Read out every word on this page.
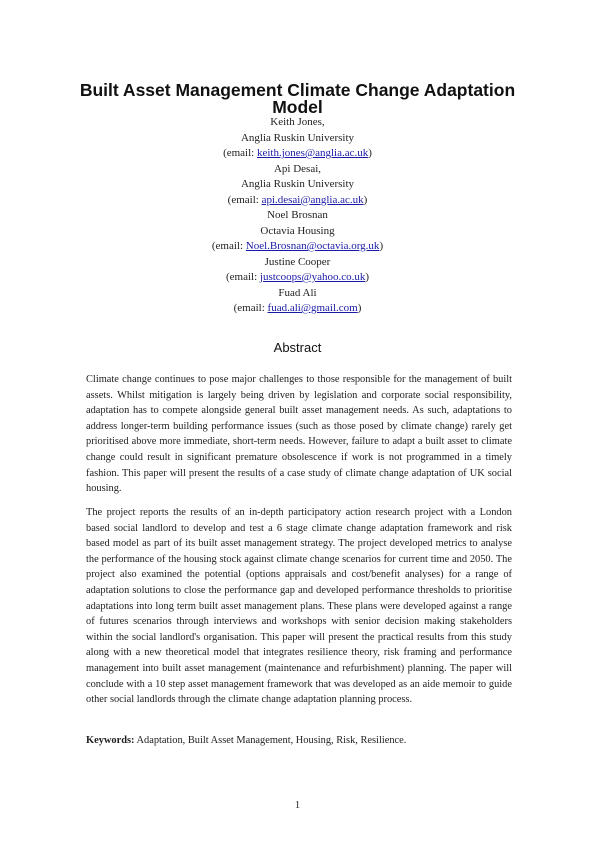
Built Asset Management Climate Change Adaptation Model
Keith Jones,
Anglia Ruskin University
(email: keith.jones@anglia.ac.uk)
Api Desai,
Anglia Ruskin University
(email: api.desai@anglia.ac.uk)
Noel Brosnan
Octavia Housing
(email: Noel.Brosnan@octavia.org.uk)
Justine Cooper
(email: justcoops@yahoo.co.uk)
Fuad Ali
(email: fuad.ali@gmail.com)
Abstract

Climate change continues to pose major challenges to those responsible for the management of built assets. Whilst mitigation is largely being driven by legislation and corporate social responsibility, adaptation has to compete alongside general built asset management needs. As such, adaptations to address longer-term building performance issues (such as those posed by climate change) rarely get prioritised above more immediate, short-term needs. However, failure to adapt a built asset to climate change could result in significant premature obsolescence if work is not programmed in a timely fashion. This paper will present the results of a case study of climate change adaptation of UK social housing.

The project reports the results of an in-depth participatory action research project with a London based social landlord to develop and test a 6 stage climate change adaptation framework and risk based model as part of its built asset management strategy. The project developed metrics to analyse the performance of the housing stock against climate change scenarios for current time and 2050. The project also examined the potential (options appraisals and cost/benefit analyses) for a range of adaptation solutions to close the performance gap and developed performance thresholds to prioritise adaptations into long term built asset management plans. These plans were developed against a range of futures scenarios through interviews and workshops with senior decision making stakeholders within the social landlord's organisation. This paper will present the practical results from this study along with a new theoretical model that integrates resilience theory, risk framing and performance management into built asset management (maintenance and refurbishment) planning. The paper will conclude with a 10 step asset management framework that was developed as an aide memoir to guide other social landlords through the climate change adaptation planning process.

Keywords: Adaptation, Built Asset Management, Housing, Risk, Resilience.
1
